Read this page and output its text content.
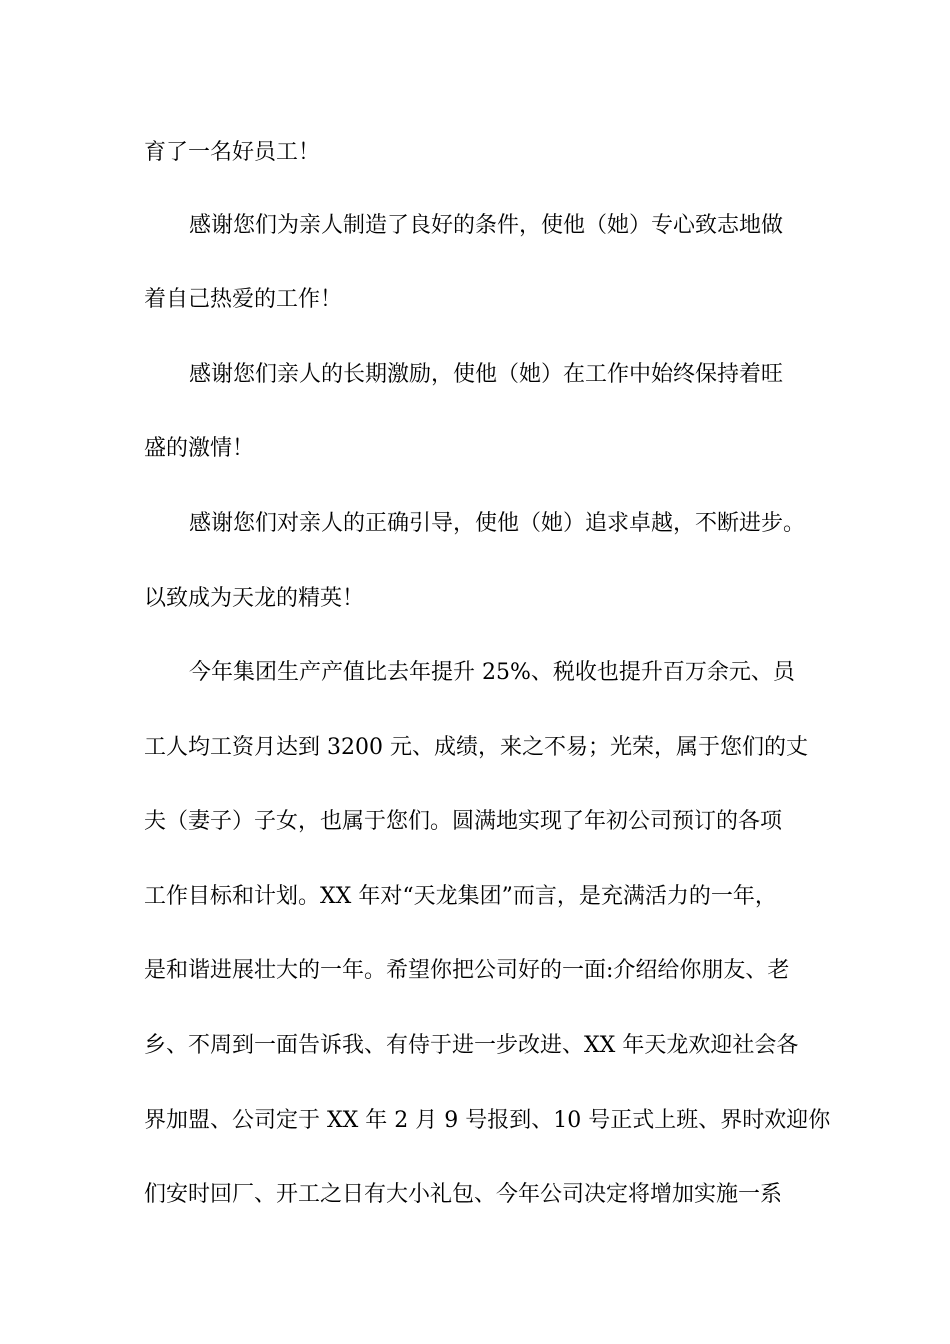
育了一名好员工！
感谢您们为亲人制造了良好的条件，使他（她）专心致志地做
着自己热爱的工作！
感谢您们亲人的长期激励，使他（她）在工作中始终保持着旺
盛的激情！
感谢您们对亲人的正确引导，使他（她）追求卓越，不断进步。
以致成为天龙的精英！
今年集团生产产值比去年提升 25%、税收也提升百万余元、员
工人均工资月达到 3200 元、成绩，来之不易；光荣，属于您们的丈
夫（妻子）子女，也属于您们。圆满地实现了年初公司预订的各项
工作目标和计划。XX 年对“天龙集团”而言，是充满活力的一年，
是和谐进展壮大的一年。希望你把公司好的一面:介绍给你朋友、老
乡、不周到一面告诉我、有侍于进一步改进、XX 年天龙欢迎社会各
界加盟、公司定于 XX 年 2 月 9 号报到、10 号正式上班、界时欢迎你
们安时回厂、开工之日有大小礼包、今年公司决定将增加实施一系
